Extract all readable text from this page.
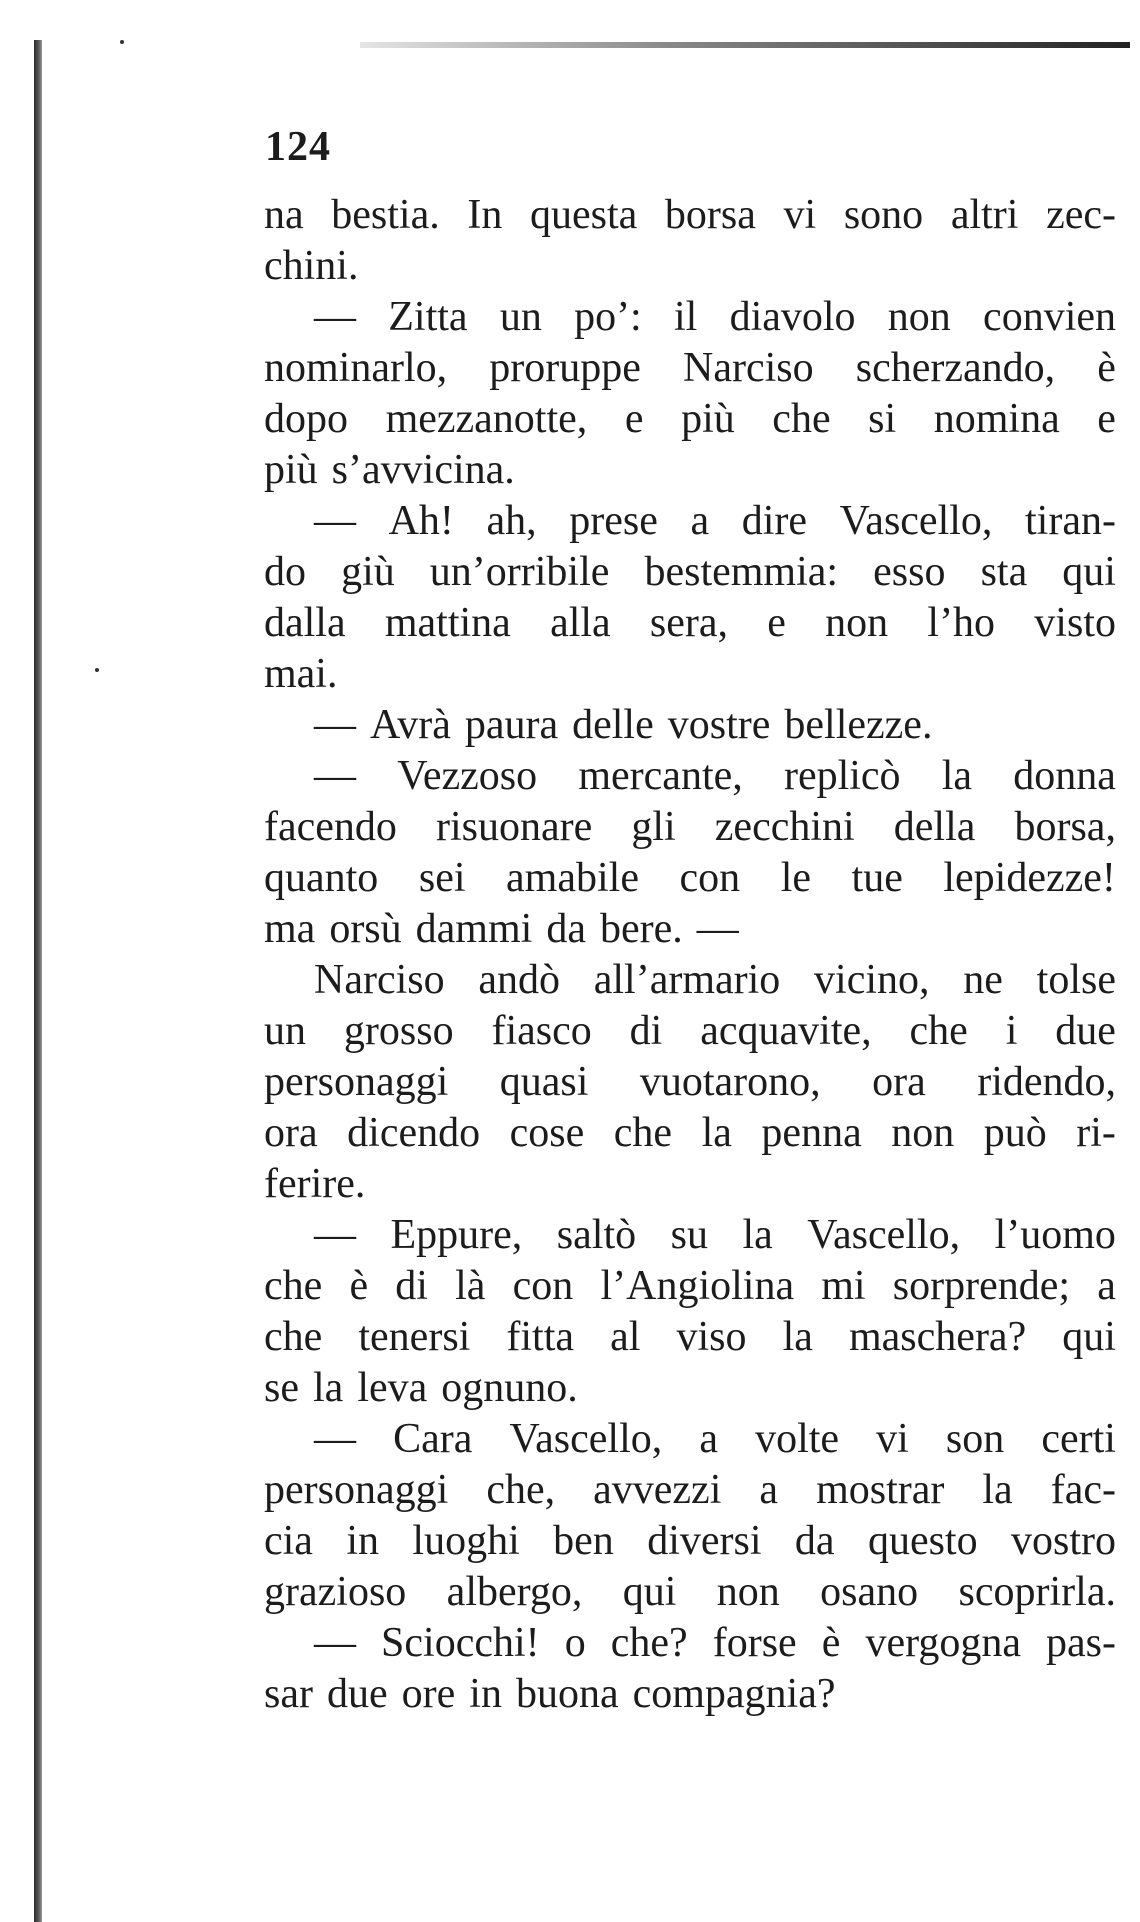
124
na bestia. In questa borsa vi sono altri zec-
chini.
— Zitta un po’: il diavolo non convien
nominarlo, proruppe Narciso scherzando, è
dopo mezzanotte, e più che si nomina e
più s’avvicina.
— Ah! ah, prese a dire Vascello, tiran-
do giù un’orribile bestemmia: esso sta qui
dalla mattina alla sera, e non l’ho visto
mai.
— Avrà paura delle vostre bellezze.
— Vezzoso mercante, replicò la donna
facendo risuonare gli zecchini della borsa,
quanto sei amabile con le tue lepidezze!
ma orsù dammi da bere. —
Narciso andò all’armario vicino, ne tolse
un grosso fiasco di acquavite, che i due
personaggi quasi vuotarono, ora ridendo,
ora dicendo cose che la penna non può ri-
ferire.
— Eppure, saltò su la Vascello, l’uomo
che è di là con l’Angiolina mi sorprende; a
che tenersi fitta al viso la maschera? qui
se la leva ognuno.
— Cara Vascello, a volte vi son certi
personaggi che, avvezzi a mostrar la fac-
cia in luoghi ben diversi da questo vostro
grazioso albergo, qui non osano scoprirla.
— Sciocchi! o che? forse è vergogna pas-
sar due ore in buona compagnia?
